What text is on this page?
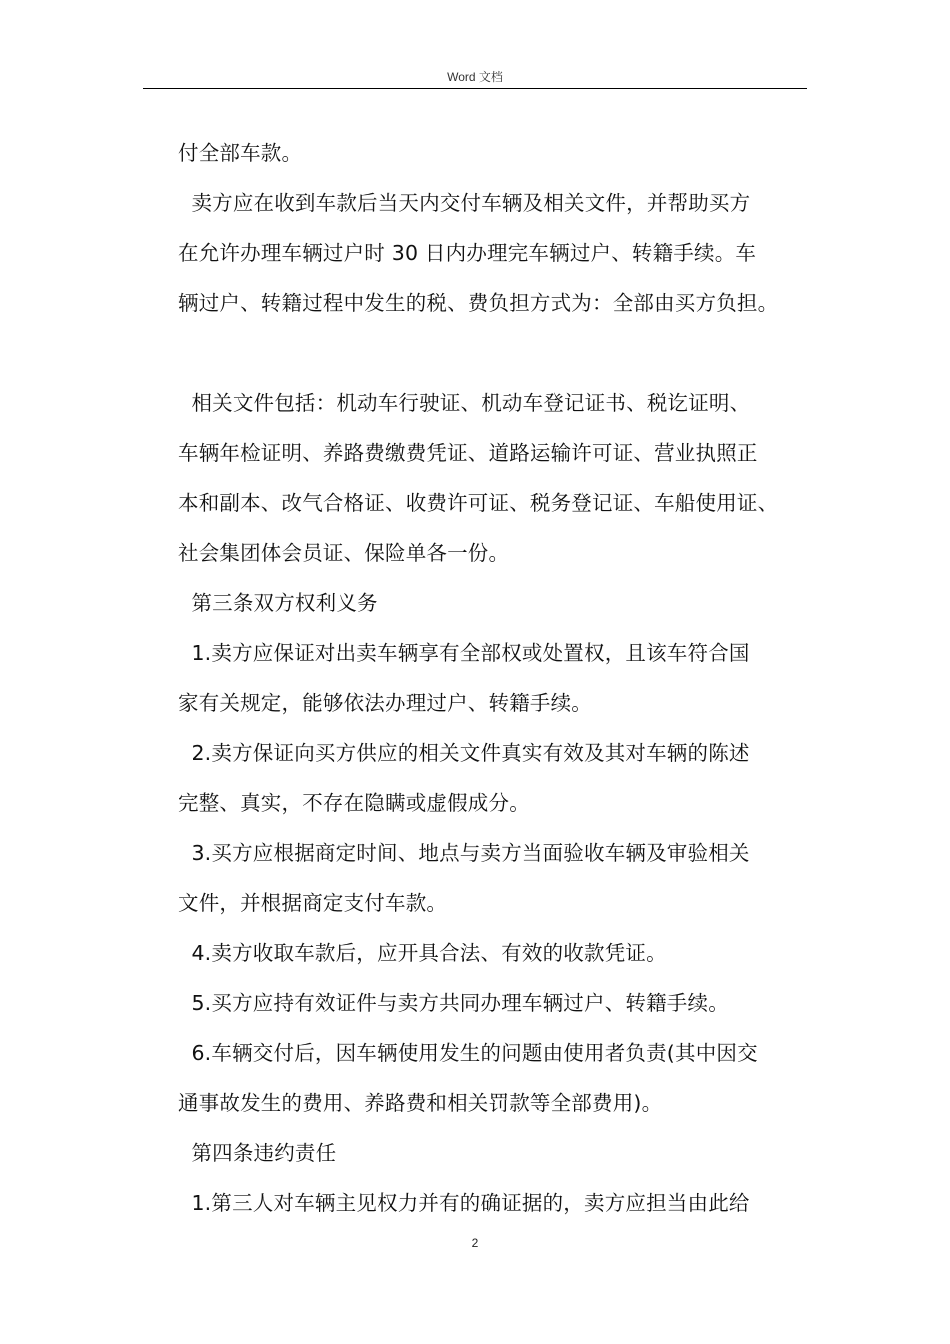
Word 文档

付全部车款。

卖方应在收到车款后当天内交付车辆及相关文件，并帮助买方

在允许办理车辆过户时 30 日内办理完车辆过户、转籍手续。车

辆过户、转籍过程中发生的税、费负担方式为：全部由买方负担。

相关文件包括：机动车行驶证、机动车登记证书、税讫证明、

车辆年检证明、养路费缴费凭证、道路运输许可证、营业执照正

本和副本、改气合格证、收费许可证、税务登记证、车船使用证、

社会集团体会员证、保险单各一份。

第三条双方权利义务

1.卖方应保证对出卖车辆享有全部权或处置权，且该车符合国

家有关规定，能够依法办理过户、转籍手续。

2.卖方保证向买方供应的相关文件真实有效及其对车辆的陈述

完整、真实，不存在隐瞒或虚假成分。

3.买方应根据商定时间、地点与卖方当面验收车辆及审验相关

文件，并根据商定支付车款。

4.卖方收取车款后，应开具合法、有效的收款凭证。

5.买方应持有效证件与卖方共同办理车辆过户、转籍手续。

6.车辆交付后，因车辆使用发生的问题由使用者负责(其中因交

通事故发生的费用、养路费和相关罚款等全部费用)。

第四条违约责任

1.第三人对车辆主见权力并有的确证据的，卖方应担当由此给

2
